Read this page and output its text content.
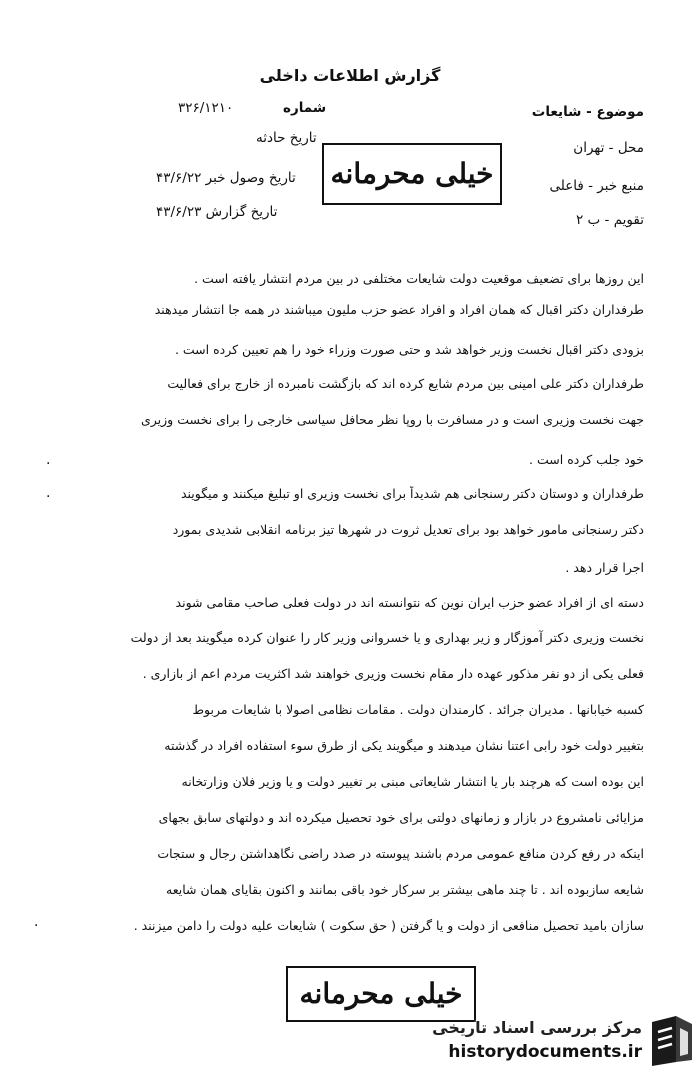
گزارش اطلاعات داخلی
شماره
۳۲۶/۱۲۱۰	موضوع - شایعات
محل - تهران
تاریخ حادثه
منبع خبر - فاعلی
تاریخ وصول خبر ۴۳/۶/۲۲
تقویم - ب ۲
تاریخ گزارش ۴۳/۶/۲۳
خیلی محرمانه
این روزها برای تضعیف موقعیت دولت شایعات مختلفی در بین مردم انتشار یافته است .
طرفداران دکتر اقبال که همان افراد و افراد عضو حزب ملیون میباشند در همه جا انتشار میدهند
بزودی دکتر اقبال نخست وزیر خواهد شد و حتی صورت وزراء خود را هم تعیین کرده است .
طرفداران دکتر علی امینی بین مردم شایع کرده اند که بازگشت نامبرده از خارج برای فعالیت
جهت نخست وزیری است و در مسافرت با روپا نظر محافل سیاسی خارجی را برای نخست وزیری
خود جلب کرده است .
طرفداران و دوستان دکتر رسنجانی هم شدیداً برای نخست وزیری او تبلیغ میکنند و میگویند
دکتر رسنجانی مامور خواهد بود برای تعدیل ثروت در شهرها تیز برنامه انقلابی شدیدی بمورد
اجرا قرار دهد .
دسته ای از افراد عضو حزب ایران نوین که نتوانسته اند در دولت فعلی صاحب مقامی شوند
نخست وزیری دکتر آموزگار و زیر بهداری و یا خسروانی وزیر کار را عنوان کرده میگویند بعد از دولت
فعلی یکی از دو نفر مذکور عهده دار مقام نخست وزیری خواهند شد اکثریت مردم اعم از بازاری .
کسبه خیابانها . مدیران جرائد . کارمندان دولت . مقامات نظامی اصولا با شایعات مربوط
بتغییر دولت خود رابی اعتنا نشان میدهند و میگویند یکی از طرق سوء استفاده افراد در گذشته
این بوده است که هرچند بار یا انتشار شایعاتی مبنی بر تغییر دولت و یا وزیر فلان وزارتخانه
مزایائی نامشروع در بازار و زمانهای دولتی برای خود تحصیل میکرده اند و دولتهای سابق بجهای
اینکه در رفع کردن منافع عمومی مردم باشند پیوسته در صدد راضی نگاهداشتن رجال و ستجات
شایعه سازبوده اند . تا چند ماهی بیشتر بر سرکار خود باقی بمانند و اکنون بقایای همان شایعه
سازان بامید تحصیل منافعی از دولت و یا گرفتن ( حق سکوت ) شایعات علیه دولت را دامن میزنند .
·
·
·
خیلی محرمانه
مرکز بررسی اسناد تاریخی
historydocuments.ir
